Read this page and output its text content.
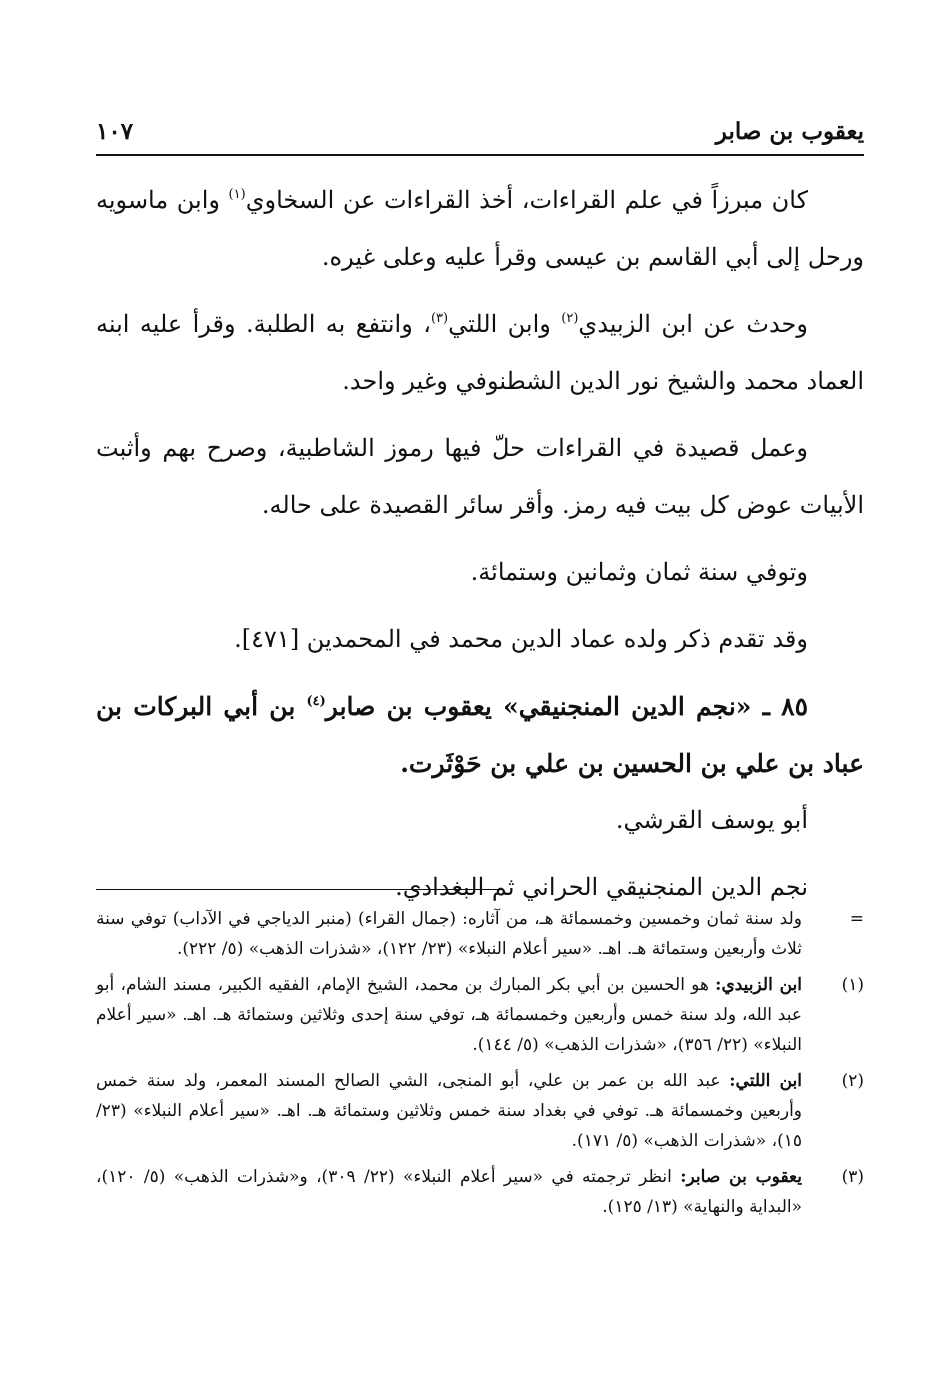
يعقوب بن صابر
١٠٧

كان مبرزاً في علم القراءات، أخذ القراءات عن السخاوي$^{(١)}$ وابن ماسويه ورحل إلى أبي القاسم بن عيسى وقرأ عليه وعلى غيره.

وحدث عن ابن الزبيدي$^{(٢)}$ وابن اللتي$^{(٣)}$، وانتفع به الطلبة. وقرأ عليه ابنه العماد محمد والشيخ نور الدين الشطنوفي وغير واحد.

وعمل قصيدة في القراءات حلّ فيها رموز الشاطبية، وصرح بهم وأثبت الأبيات عوض كل بيت فيه رمز. وأقر سائر القصيدة على حاله.

وتوفي سنة ثمان وثمانين وستمائة.

وقد تقدم ذكر ولده عماد الدين محمد في المحمدين [٤٧١].

٨٥ ـ «نجم الدين المنجنيقي» يعقوب بن صابر$^{(٤)}$ بن أبي البركات بن عباد بن علي بن الحسين بن علي بن حَوْثَرت.

أبو يوسف القرشي.

نجم الدين المنجنيقي الحراني ثم البغدادي.

=
ولد سنة ثمان وخمسين وخمسمائة هـ، من آثاره: (جمال القراء) (منبر الدياجي في الآداب) توفي سنة ثلاث وأربعين وستمائة هـ. اهـ. «سير أعلام النبلاء» (٢٣/ ١٢٢)، «شذرات الذهب» (٥/ ٢٢٢).
(١)
ابن الزبيدي: هو الحسين بن أبي بكر المبارك بن محمد، الشيخ الإمام، الفقيه الكبير، مسند الشام، أبو عبد الله، ولد سنة خمس وأربعين وخمسمائة هـ، توفي سنة إحدى وثلاثين وستمائة هـ. اهـ. «سير أعلام النبلاء» (٢٢/ ٣٥٦)، «شذرات الذهب» (٥/ ١٤٤).
(٢)
ابن اللتي: عبد الله بن عمر بن علي، أبو المنجى، الشي الصالح المسند المعمر، ولد سنة خمس وأربعين وخمسمائة هـ. توفي في بغداد سنة خمس وثلاثين وستمائة هـ. اهـ. «سير أعلام النبلاء» (٢٣/ ١٥)، «شذرات الذهب» (٥/ ١٧١).
(٣)
يعقوب بن صابر: انظر ترجمته في «سير أعلام النبلاء» (٢٢/ ٣٠٩)، و«شذرات الذهب» (٥/ ١٢٠)، «البداية والنهاية» (١٣/ ١٢٥).
